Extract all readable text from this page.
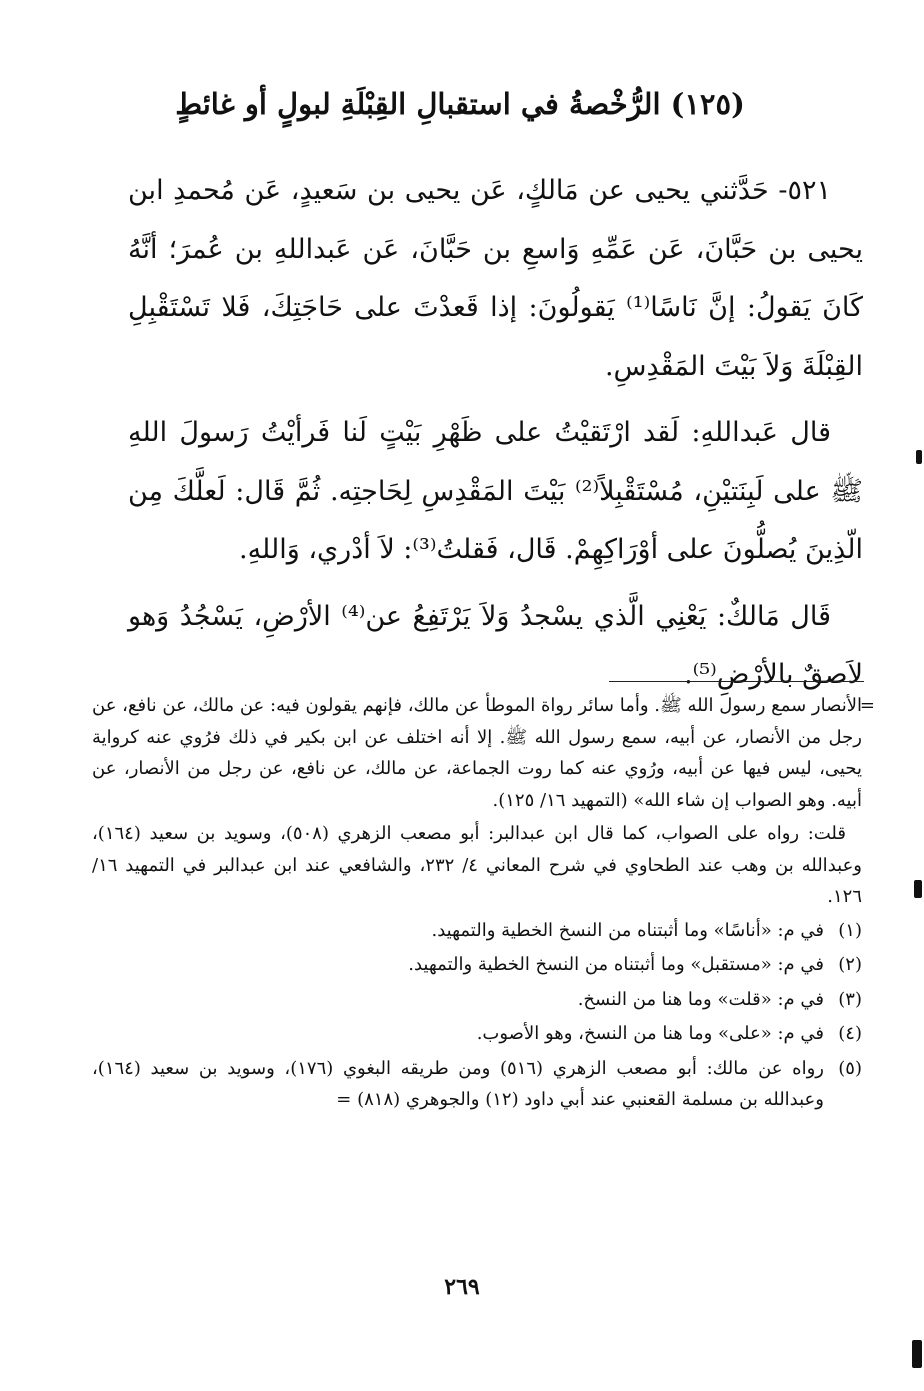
(١٢٥) الرُّخْصةُ في استقبالِ القِبْلَةِ لبولٍ أو غائطٍ

٥٢١- حَدَّثني يحيى عن مَالكٍ، عَن يحيى بن سَعيدٍ، عَن مُحمدِ ابن يحيى بن حَبَّانَ، عَن عَمِّهِ وَاسعِ بن حَبَّانَ، عَن عَبداللهِ بن عُمرَ؛ أنَّهُ كَانَ يَقولُ: إنَّ نَاسًا⁽¹⁾ يَقولُونَ: إذا قَعدْتَ على حَاجَتِكَ، فَلا تَسْتَقْبِلِ القِبْلَةَ وَلاَ بَيْتَ المَقْدِسِ.

قال عَبداللهِ: لَقد ارْتَقيْتُ على ظَهْرِ بَيْتٍ لَنا فَرأيْتُ رَسولَ اللهِ ﷺ على لَبِنَتيْنِ، مُسْتَقْبِلاً⁽²⁾ بَيْتَ المَقْدِسِ لِحَاجتِه. ثُمَّ قَال: لَعلَّكَ مِن الّذِينَ يُصلُّونَ على أوْرَاكِهِمْ. قَال، فَقلتُ⁽³⁾: لاَ أدْري، وَاللهِ.

قَال مَالكٌ: يَعْنِي الَّذي يسْجدُ وَلاَ يَرْتَفِعُ عن⁽⁴⁾ الأرْضِ، يَسْجُدُ وَهو لاَصقٌ بالأرْضِ⁽⁵⁾.

=
الأنصار سمع رسول الله ﷺ. وأما سائر رواة الموطأ عن مالك، فإنهم يقولون فيه: عن مالك، عن نافع، عن رجل من الأنصار، عن أبيه، سمع رسول الله ﷺ. إلا أنه اختلف عن ابن بكير في ذلك فرُوي عنه كرواية يحيى، ليس فيها عن أبيه، ورُوي عنه كما روت الجماعة، عن مالك، عن نافع، عن رجل من الأنصار، عن أبيه. وهو الصواب إن شاء الله» (التمهيد ١٦/ ١٢٥).

قلت: رواه على الصواب، كما قال ابن عبدالبر: أبو مصعب الزهري (٥٠٨)، وسويد بن سعيد (١٦٤)، وعبدالله بن وهب عند الطحاوي في شرح المعاني ٤/ ٢٣٢، والشافعي عند ابن عبدالبر في التمهيد ١٦/ ١٢٦.

(١)
في م: «أناسًا» وما أثبتناه من النسخ الخطية والتمهيد.
(٢)
في م: «مستقبل» وما أثبتناه من النسخ الخطية والتمهيد.
(٣)
في م: «قلت» وما هنا من النسخ.
(٤)
في م: «على» وما هنا من النسخ، وهو الأصوب.
(٥)
رواه عن مالك: أبو مصعب الزهري (٥١٦) ومن طريقه البغوي (١٧٦)، وسويد بن سعيد (١٦٤)، وعبدالله بن مسلمة القعنبي عند أبي داود (١٢) والجوهري (٨١٨) =
٢٦٩
